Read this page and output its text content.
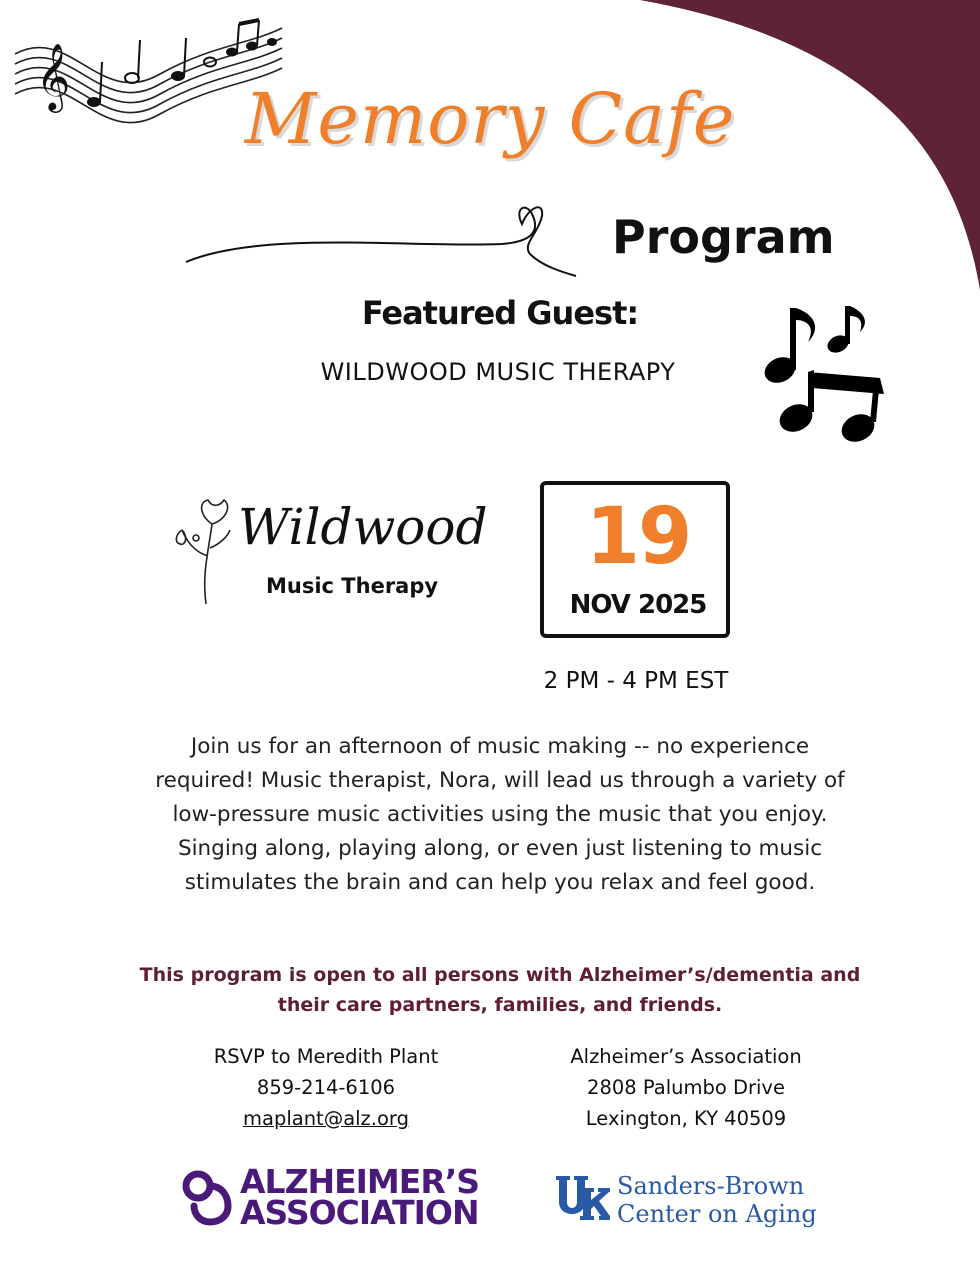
𝄞
Memory Cafe
Program
Featured Guest:
WILDWOOD MUSIC THERAPY
Wildwood
Music Therapy
19
NOV 2025
2 PM - 4 PM EST
Join us for an afternoon of music making -- no experience required! Music therapist, Nora, will lead us through a variety of low-pressure music activities using the music that you enjoy. Singing along, playing along, or even just listening to music stimulates the brain and can help you relax and feel good.
This program is open to all persons with Alzheimer’s/dementia and their care partners, families, and friends.
RSVP to Meredith Plant
859-214-6106
maplant@alz.org
Alzheimer’s Association
2808 Palumbo Drive
Lexington, KY 40509
ALZHEIMER’S
ASSOCIATION
Sanders-Brown
Center on Aging
